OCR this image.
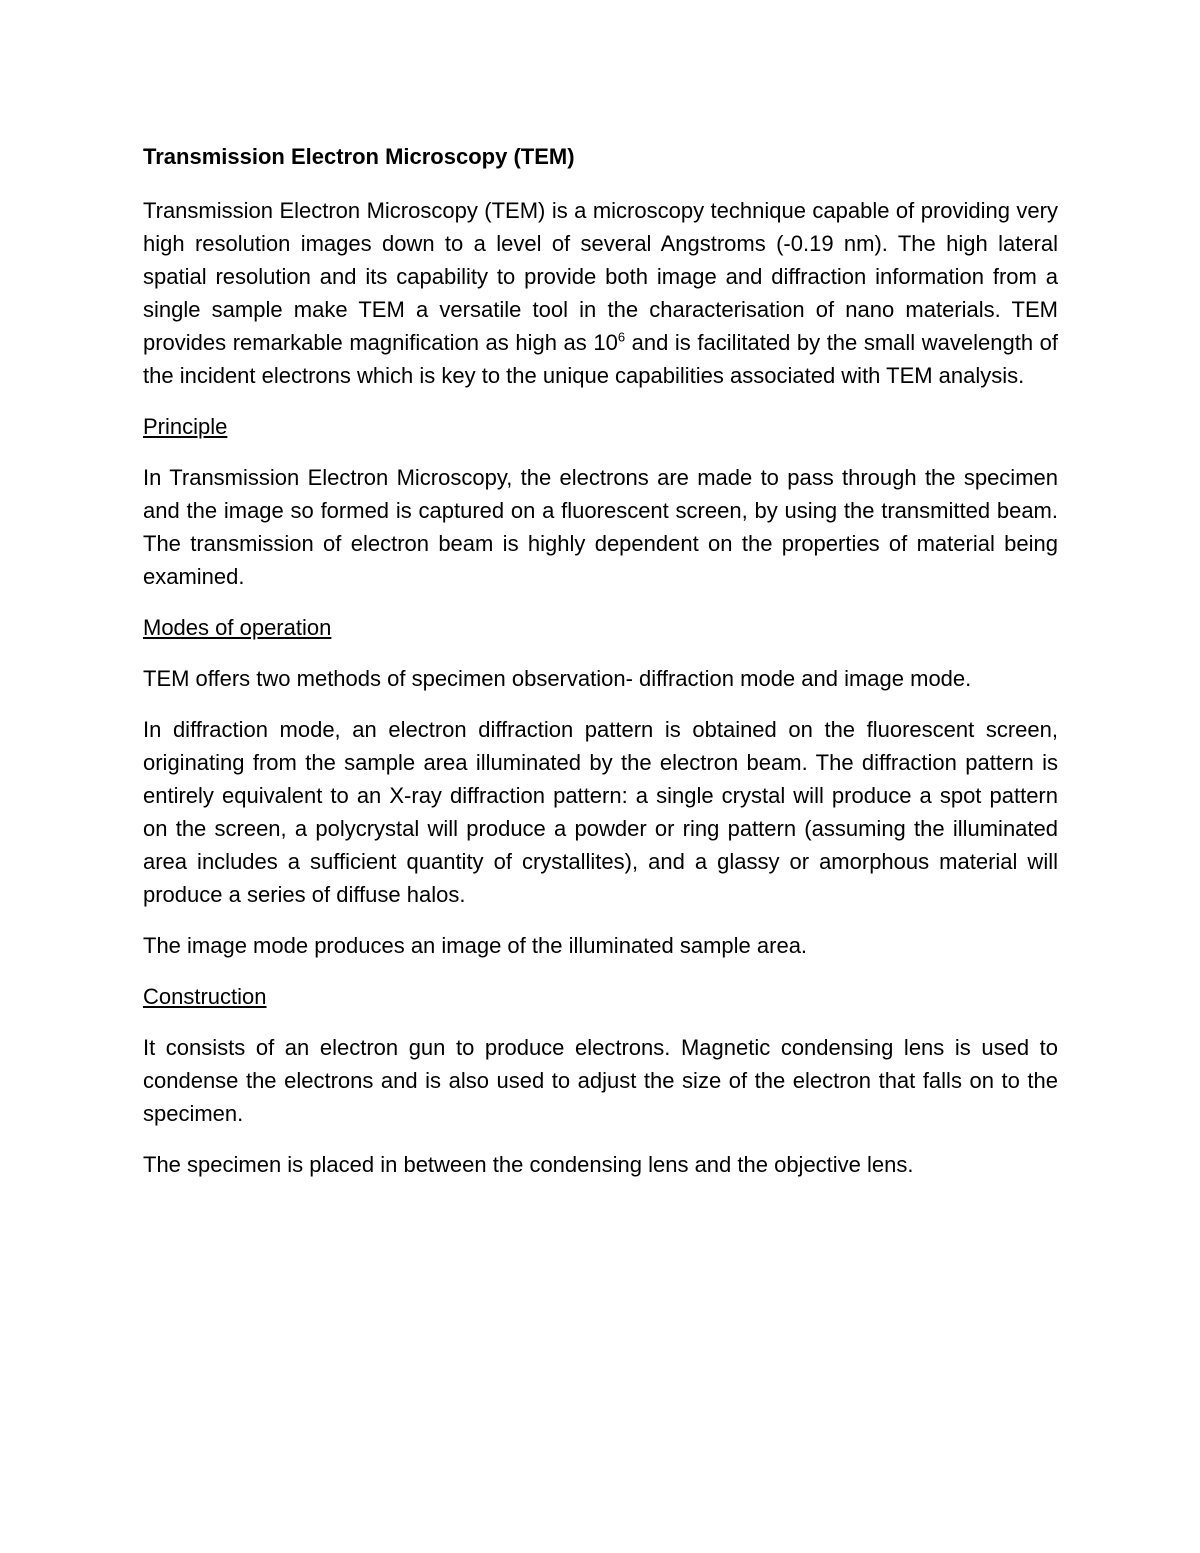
Transmission Electron Microscopy (TEM)

Transmission Electron Microscopy (TEM) is a microscopy technique capable of providing very high resolution images down to a level of several Angstroms (-0.19 nm). The high lateral spatial resolution and its capability to provide both image and diffraction information from a single sample make TEM a versatile tool in the characterisation of nano materials. TEM provides remarkable magnification as high as $10^6$ and is facilitated by the small wavelength of the incident electrons which is key to the unique capabilities associated with TEM analysis.

Principle

In Transmission Electron Microscopy, the electrons are made to pass through the specimen and the image so formed is captured on a fluorescent screen, by using the transmitted beam. The transmission of electron beam is highly dependent on the properties of material being examined.

Modes of operation

TEM offers two methods of specimen observation- diffraction mode and image mode.

In diffraction mode, an electron diffraction pattern is obtained on the fluorescent screen, originating from the sample area illuminated by the electron beam. The diffraction pattern is entirely equivalent to an X-ray diffraction pattern: a single crystal will produce a spot pattern on the screen, a polycrystal will produce a powder or ring pattern (assuming the illuminated area includes a sufficient quantity of crystallites), and a glassy or amorphous material will produce a series of diffuse halos.

The image mode produces an image of the illuminated sample area.

Construction

It consists of an electron gun to produce electrons. Magnetic condensing lens is used to condense the electrons and is also used to adjust the size of the electron that falls on to the specimen.

The specimen is placed in between the condensing lens and the objective lens.
